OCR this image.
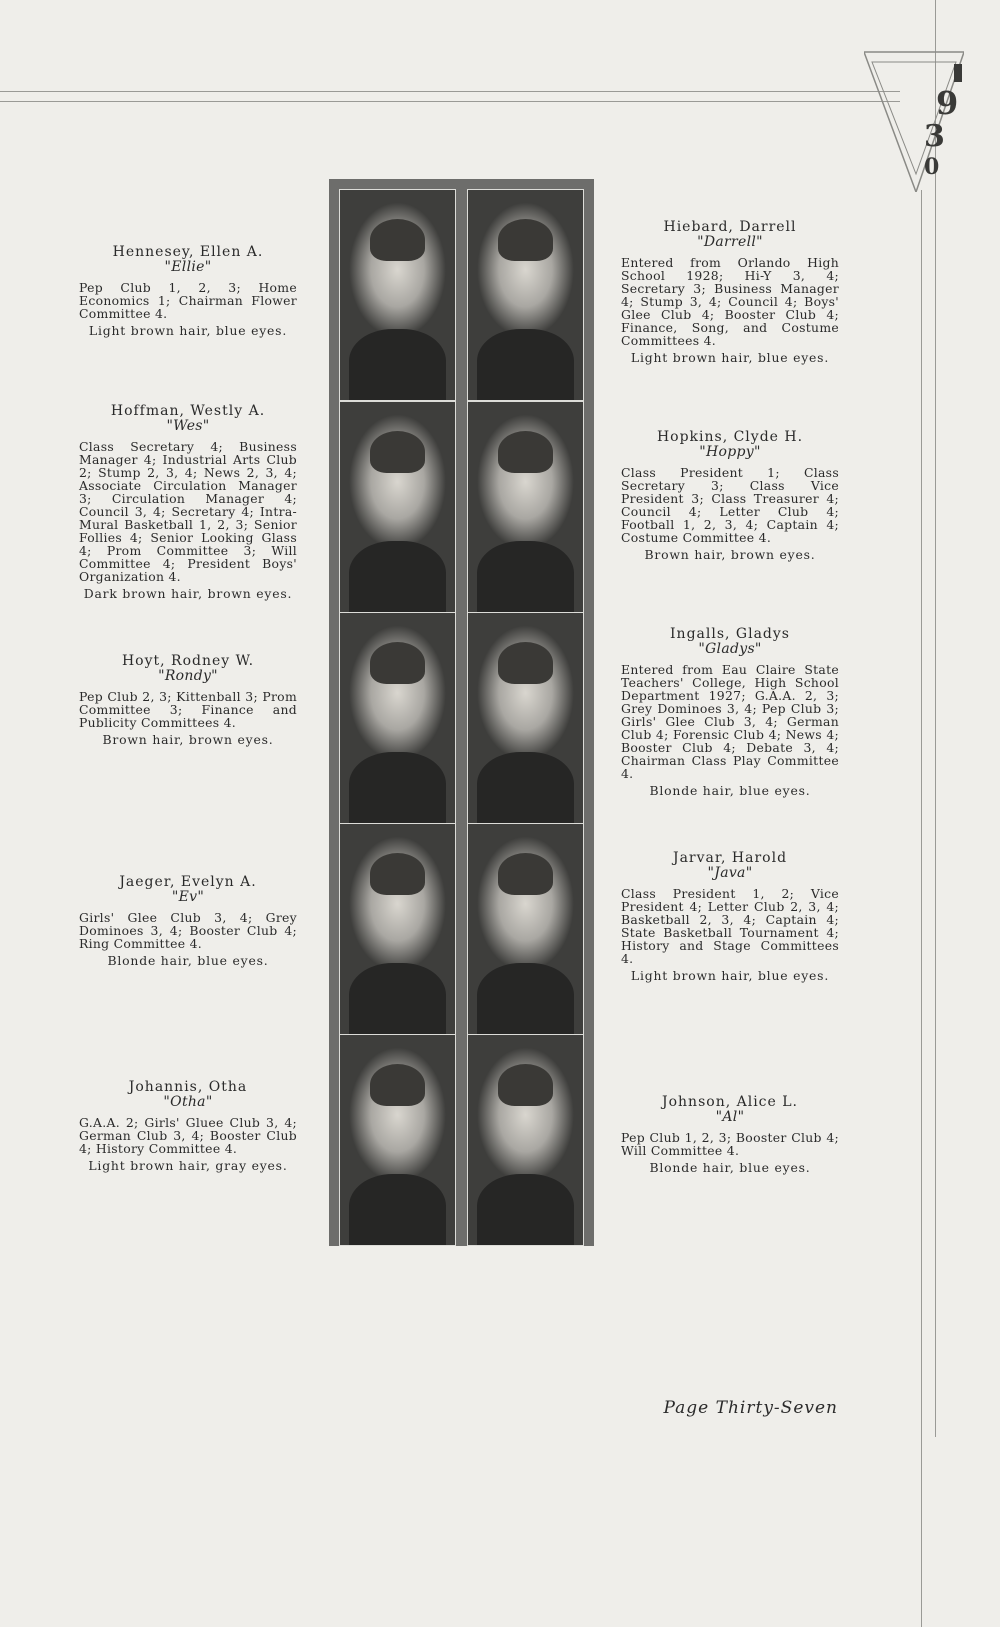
9
3
0
Hennesey, Ellen A.
"Ellie"
Pep Club 1, 2, 3; Home Economics 1; Chairman Flower Committee 4.
Light brown hair, blue eyes.
Hoffman, Westly A.
"Wes"
Class Secretary 4; Business Manager 4; Industrial Arts Club 2; Stump 2, 3, 4; News 2, 3, 4; Associate Circulation Manager 3; Circulation Manager 4; Council 3, 4; Secretary 4; Intra-Mural Basketball 1, 2, 3; Senior Follies 4; Senior Looking Glass 4; Prom Committee 3; Will Committee 4; President Boys' Organization 4.
Dark brown hair, brown eyes.
Hoyt, Rodney W.
"Rondy"
Pep Club 2, 3; Kittenball 3; Prom Committee 3; Finance and Publicity Committees 4.
Brown hair, brown eyes.
Jaeger, Evelyn A.
"Ev"
Girls' Glee Club 3, 4; Grey Dominoes 3, 4; Booster Club 4; Ring Committee 4.
Blonde hair, blue eyes.
Johannis, Otha
"Otha"
G.A.A. 2; Girls' Gluee Club 3, 4; German Club 3, 4; Booster Club 4; History Committee 4.
Light brown hair, gray eyes.
Hiebard, Darrell
"Darrell"
Entered from Orlando High School 1928; Hi-Y 3, 4; Secretary 3; Business Manager 4; Stump 3, 4; Council 4; Boys' Glee Club 4; Booster Club 4; Finance, Song, and Costume Committees 4.
Light brown hair, blue eyes.
Hopkins, Clyde H.
"Hoppy"
Class President 1; Class Secretary 3; Class Vice President 3; Class Treasurer 4; Council 4; Letter Club 4; Football 1, 2, 3, 4; Captain 4; Costume Committee 4.
Brown hair, brown eyes.
Ingalls, Gladys
"Gladys"
Entered from Eau Claire State Teachers' College, High School Department 1927; G.A.A. 2, 3; Grey Dominoes 3, 4; Pep Club 3; Girls' Glee Club 3, 4; German Club 4; Forensic Club 4; News 4; Booster Club 4; Debate 3, 4; Chairman Class Play Committee 4.
Blonde hair, blue eyes.
Jarvar, Harold
"Java"
Class President 1, 2; Vice President 4; Letter Club 2, 3, 4; Basketball 2, 3, 4; Captain 4; State Basketball Tournament 4; History and Stage Committees 4.
Light brown hair, blue eyes.
Johnson, Alice L.
"Al"
Pep Club 1, 2, 3; Booster Club 4; Will Committee 4.
Blonde hair, blue eyes.
Page Thirty-Seven
